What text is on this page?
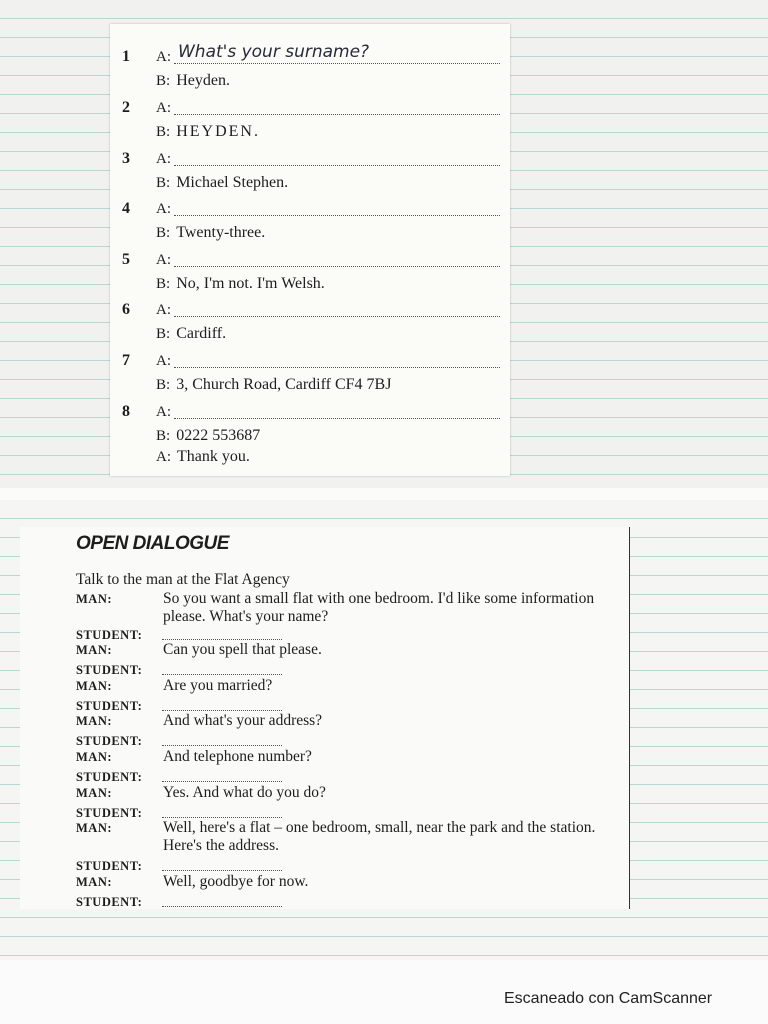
1 A: What's your surname?
B: Heyden.
2 A:
B: HEYDEN.
3 A:
B: Michael Stephen.
4 A:
B: Twenty-three.
5 A:
B: No, I'm not. I'm Welsh.
6 A:
B: Cardiff.
7 A:
B: 3, Church Road, Cardiff CF4 7BJ
8 A:
B: 0222 553687
A: Thank you.
OPEN DIALOGUE
Talk to the man at the Flat Agency
MAN:	So you want a small flat with one bedroom. I'd like some information please. What's your name?
STUDENT:
MAN:	Can you spell that please.
STUDENT:
MAN:	Are you married?
STUDENT:
MAN:	And what's your address?
STUDENT:
MAN:	And telephone number?
STUDENT:
MAN:	Yes. And what do you do?
STUDENT:
MAN:	Well, here's a flat – one bedroom, small, near the park and the station. Here's the address.
STUDENT:
MAN:	Well, goodbye for now.
STUDENT:
Escaneado con CamScanner
